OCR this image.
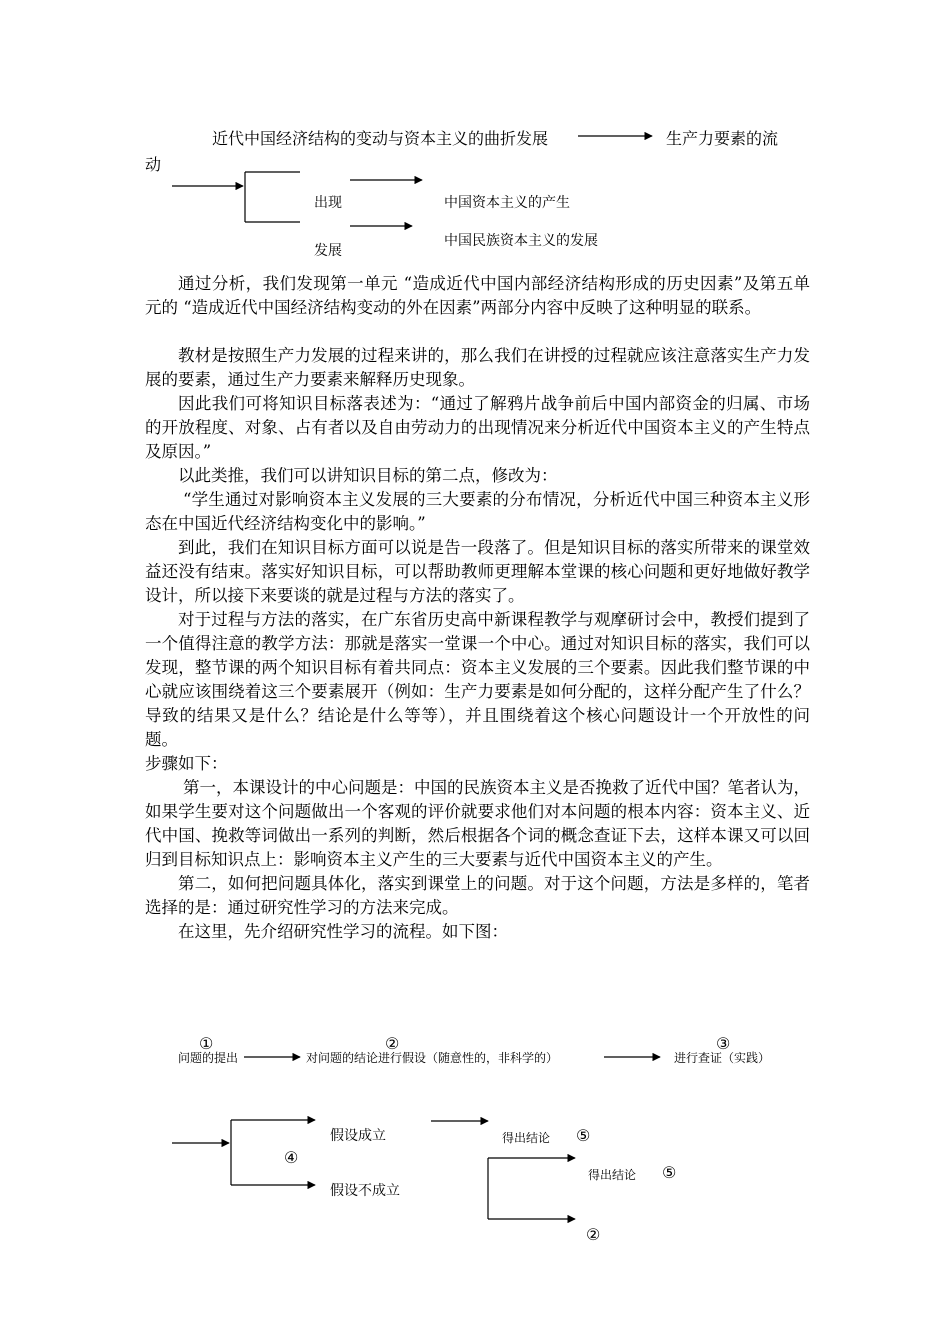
近代中国经济结构的变动与资本主义的曲折发展	生产力要素的流
动
出现
发展
中国资本主义的产生
中国民族资本主义的发展

通过分析，我们发现第一单元 “造成近代中国内部经济结构形成的历史因素”及第五单元的 “造成近代中国经济结构变动的外在因素”两部分内容中反映了这种明显的联系。

教材是按照生产力发展的过程来讲的，那么我们在讲授的过程就应该注意落实生产力发展的要素，通过生产力要素来解释历史现象。

因此我们可将知识目标落表述为：“通过了解鸦片战争前后中国内部资金的归属、市场的开放程度、对象、占有者以及自由劳动力的出现情况来分析近代中国资本主义的产生特点及原因。”

以此类推，我们可以讲知识目标的第二点，修改为：

“学生通过对影响资本主义发展的三大要素的分布情况，分析近代中国三种资本主义形态在中国近代经济结构变化中的影响。”

到此，我们在知识目标方面可以说是告一段落了。但是知识目标的落实所带来的课堂效益还没有结束。落实好知识目标，可以帮助教师更理解本堂课的核心问题和更好地做好教学设计，所以接下来要谈的就是过程与方法的落实了。

对于过程与方法的落实，在广东省历史高中新课程教学与观摩研讨会中，教授们提到了一个值得注意的教学方法：那就是落实一堂课一个中心。通过对知识目标的落实，我们可以发现，整节课的两个知识目标有着共同点：资本主义发展的三个要素。因此我们整节课的中心就应该围绕着这三个要素展开（例如：生产力要素是如何分配的，这样分配产生了什么？导致的结果又是什么？结论是什么等等），并且围绕着这个核心问题设计一个开放性的问题。

步骤如下：

第一，本课设计的中心问题是：中国的民族资本主义是否挽救了近代中国？笔者认为，如果学生要对这个问题做出一个客观的评价就要求他们对本问题的根本内容：资本主义、近代中国、挽救等词做出一系列的判断，然后根据各个词的概念查证下去，这样本课又可以回归到目标知识点上：影响资本主义产生的三大要素与近代中国资本主义的产生。

第二，如何把问题具体化，落实到课堂上的问题。对于这个问题，方法是多样的，笔者选择的是：通过研究性学习的方法来完成。

在这里，先介绍研究性学习的流程。如下图：

①	②	③
问题的提出	对问题的结论进行假设（随意性的，非科学的）	进行查证（实践）
假设成立
④
假设不成立
得出结论 ⑤
得出结论 ⑤
②
